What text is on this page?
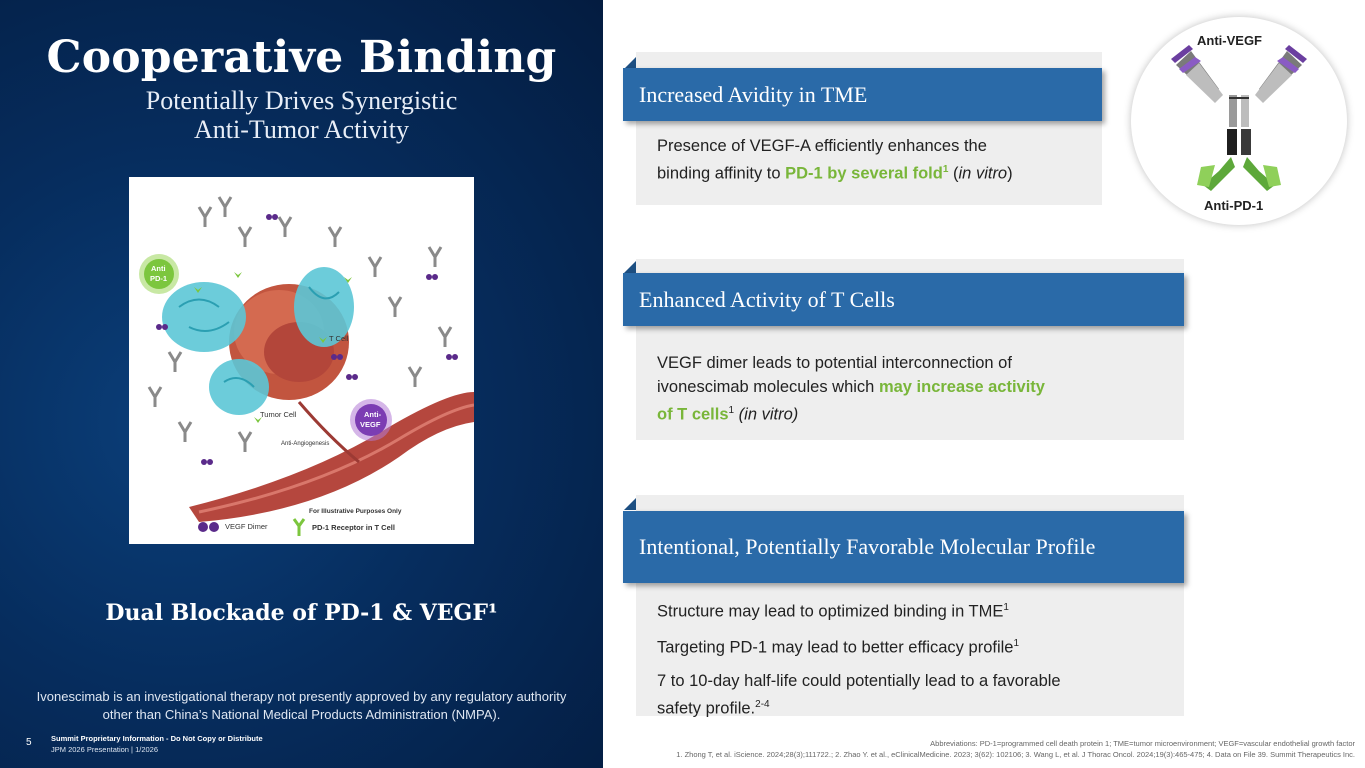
Cooperative Binding
Potentially Drives Synergistic
Anti-Tumor Activity
Anti
PD-1
Anti-
VEGF
T Cell
Tumor Cell
Anti-Angiogenesis
For Illustrative Purposes Only
VEGF Dimer	PD-1 Receptor in T Cell
Dual Blockade of PD-1 & VEGF¹
Ivonescimab is an investigational therapy not presently approved by any regulatory authority other than China’s National Medical Products Administration (NMPA).
5	Summit Proprietary Information - Do Not Copy or Distribute
JPM 2026 Presentation | 1/2026
Increased Avidity in TME
Presence of VEGF-A efficiently enhances the
binding affinity to PD-1 by several fold$^1$ (in vitro)
Enhanced Activity of T Cells
VEGF dimer leads to potential interconnection of
ivonescimab molecules which may increase activity
of T cells$^1$ (in vitro)
Intentional, Potentially Favorable Molecular Profile
Structure may lead to optimized binding in TME$^1$
Targeting PD-1 may lead to better efficacy profile$^1$
7 to 10-day half-life could potentially lead to a favorable
safety profile.$^{2-4}$
Anti-VEGF
Anti-PD-1
Abbreviations: PD-1=programmed cell death protein 1; TME=tumor microenvironment; VEGF=vascular endothelial growth factor
1. Zhong T, et al. iScience. 2024;28(3);111722.; 2. Zhao Y. et al., eClinicalMedicine. 2023; 3(62): 102106; 3. Wang L, et al. J Thorac Oncol. 2024;19(3):465-475; 4. Data on File 39. Summit Therapeutics Inc.
